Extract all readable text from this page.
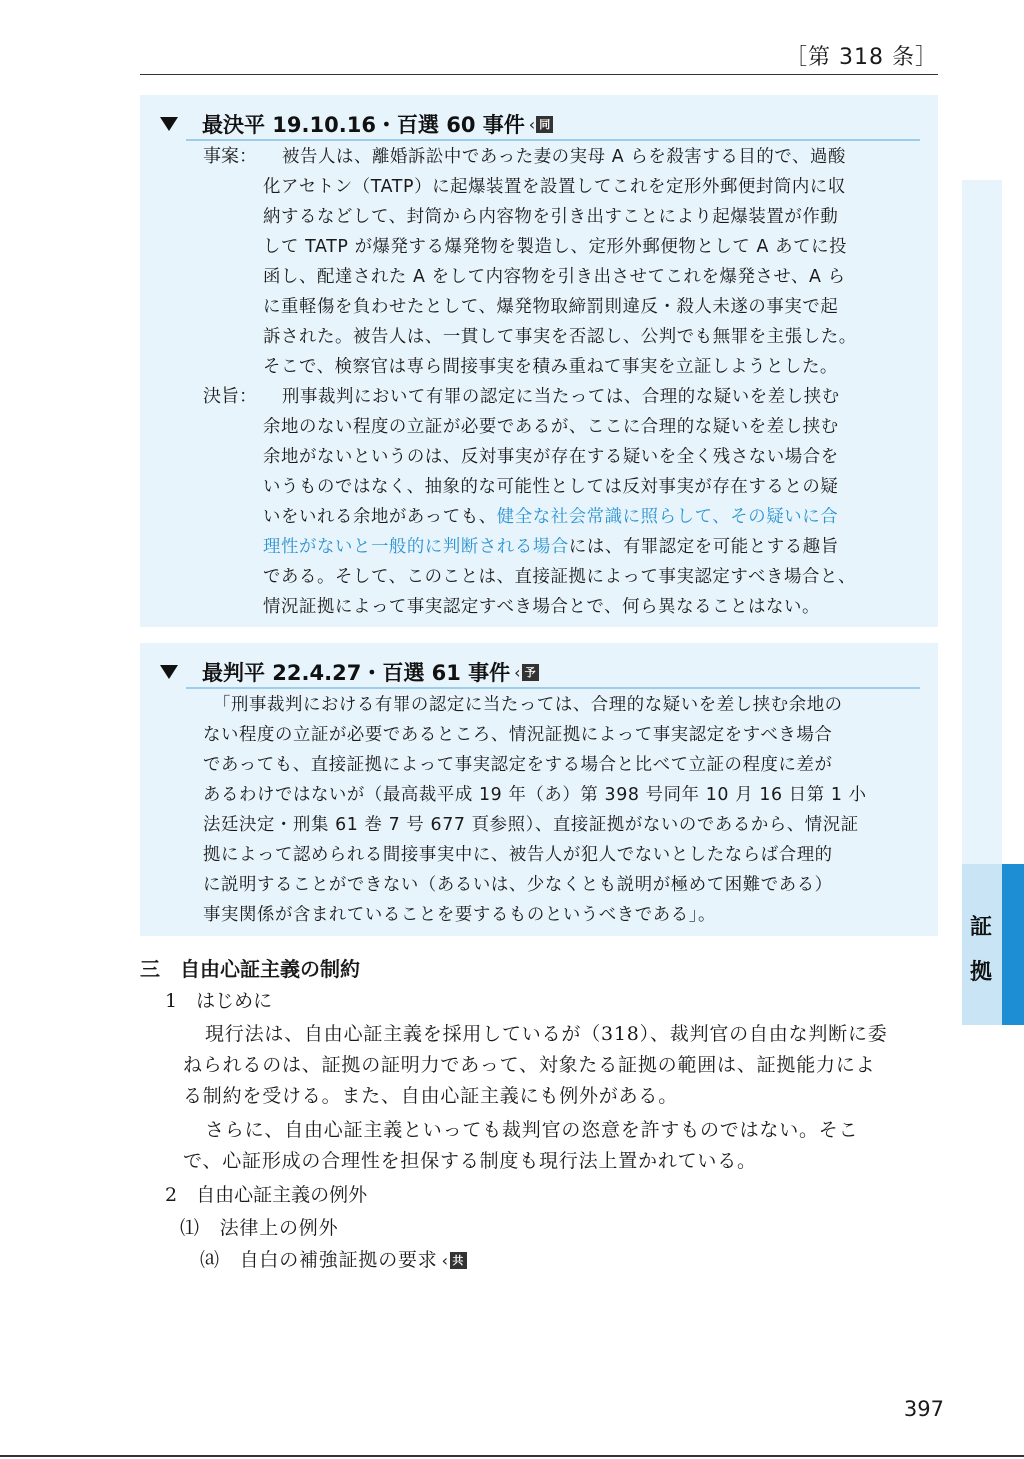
［第 318 条］
最決平 19.10.16・百選 60 事件 ‹ 同
事案：	被告人は、離婚訴訟中であった妻の実母 A らを殺害する目的で、過酸
化アセトン（TATP）に起爆装置を設置してこれを定形外郵便封筒内に収
納するなどして、封筒から内容物を引き出すことにより起爆装置が作動
して TATP が爆発する爆発物を製造し、定形外郵便物として A あてに投
函し、配達された A をして内容物を引き出させてこれを爆発させ、A ら
に重軽傷を負わせたとして、爆発物取締罰則違反・殺人未遂の事実で起
訴された。被告人は、一貫して事実を否認し、公判でも無罪を主張した。
そこで、検察官は専ら間接事実を積み重ねて事実を立証しようとした。
決旨：	刑事裁判において有罪の認定に当たっては、合理的な疑いを差し挟む
余地のない程度の立証が必要であるが、ここに合理的な疑いを差し挟む
余地がないというのは、反対事実が存在する疑いを全く残さない場合を
いうものではなく、抽象的な可能性としては反対事実が存在するとの疑
いをいれる余地があっても、健全な社会常識に照らして、その疑いに合
理性がないと一般的に判断される場合には、有罪認定を可能とする趣旨
である。そして、このことは、直接証拠によって事実認定すべき場合と、
情況証拠によって事実認定すべき場合とで、何ら異なることはない。
最判平 22.4.27・百選 61 事件 ‹ 予
「刑事裁判における有罪の認定に当たっては、合理的な疑いを差し挟む余地の
ない程度の立証が必要であるところ、情況証拠によって事実認定をすべき場合
であっても、直接証拠によって事実認定をする場合と比べて立証の程度に差が
あるわけではないが（最高裁平成 19 年（あ）第 398 号同年 10 月 16 日第 1 小
法廷決定・刑集 61 巻 7 号 677 頁参照）、直接証拠がないのであるから、情況証
拠によって認められる間接事実中に、被告人が犯人でないとしたならば合理的
に説明することができない（あるいは、少なくとも説明が極めて困難である）
事実関係が含まれていることを要するものというべきである」。
三　自由心証主義の制約
1　はじめに
現行法は、自由心証主義を採用しているが（318）、裁判官の自由な判断に委
ねられるのは、証拠の証明力であって、対象たる証拠の範囲は、証拠能力によ
る制約を受ける。また、自由心証主義にも例外がある。
さらに、自由心証主義といっても裁判官の恣意を許すものではない。そこ
で、心証形成の合理性を担保する制度も現行法上置かれている。
2　自由心証主義の例外
⑴　法律上の例外
⒜　自白の補強証拠の要求 ‹ 共
証
拠
397
